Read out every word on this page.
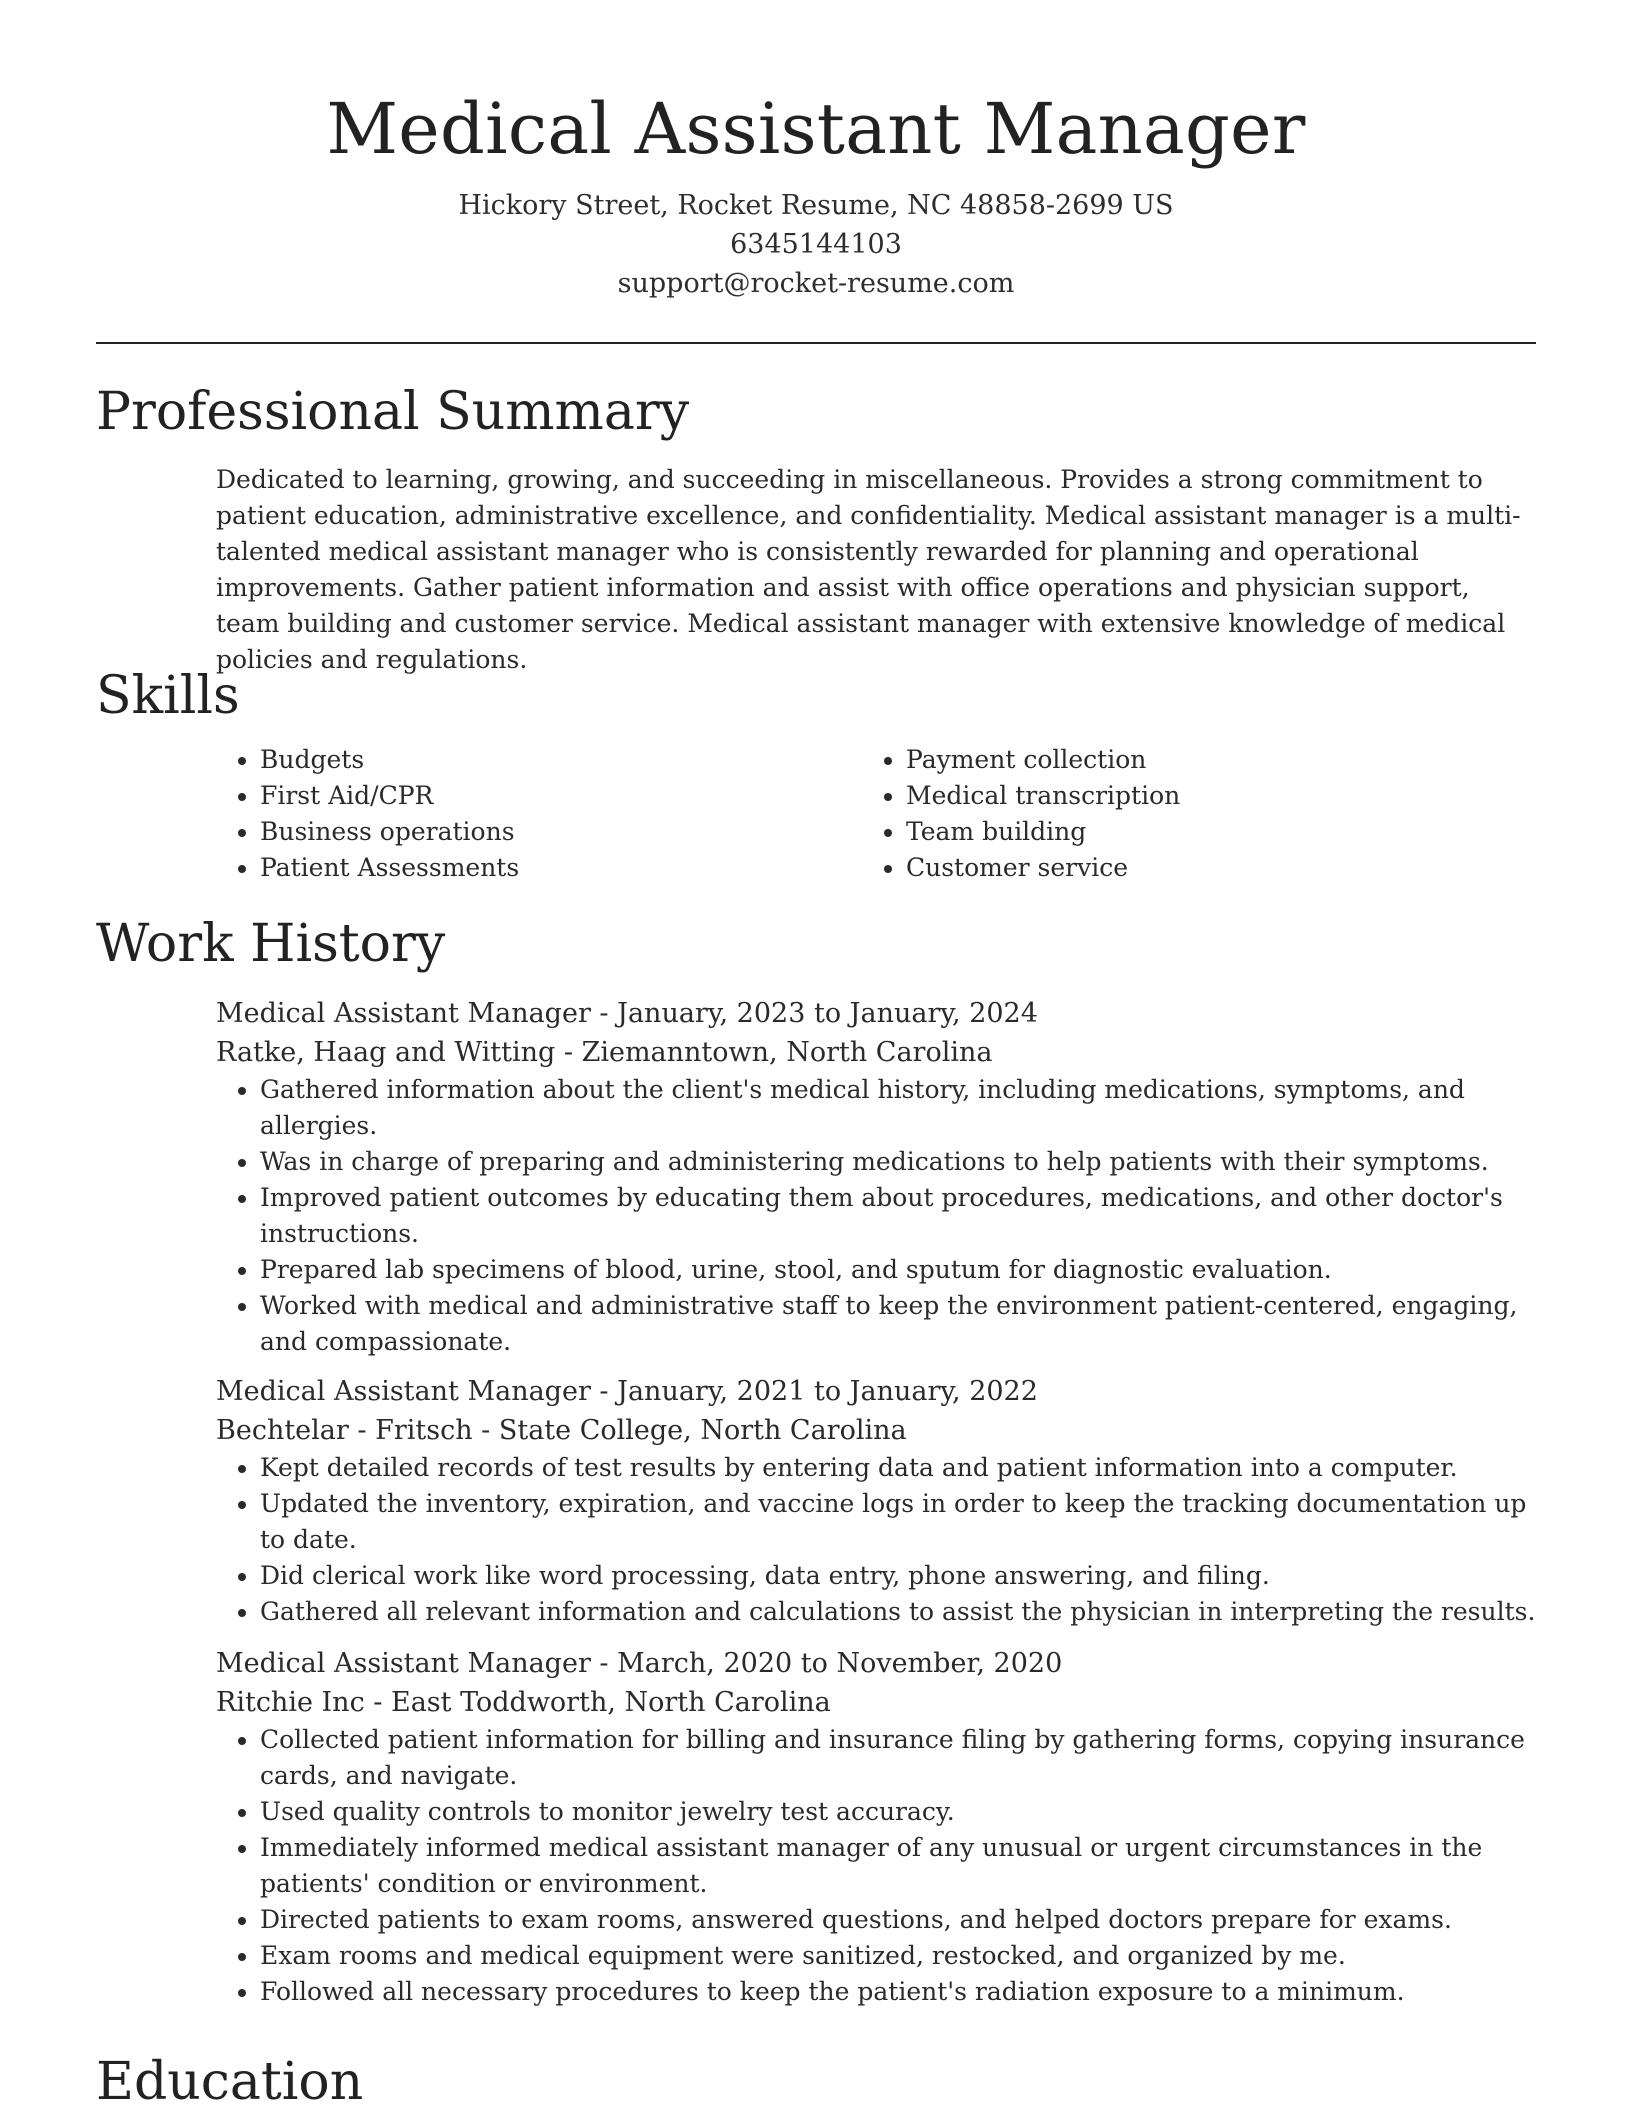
Medical Assistant Manager

Hickory Street, Rocket Resume, NC 48858-2699 US

6345144103

support@rocket-resume.com

Professional Summary

Dedicated to learning, growing, and succeeding in miscellaneous. Provides a strong commitment to patient education, administrative excellence, and confidentiality. Medical assistant manager is a multi-talented medical assistant manager who is consistently rewarded for planning and operational improvements. Gather patient information and assist with office operations and physician support, team building and customer service. Medical assistant manager with extensive knowledge of medical policies and regulations.

Skills
• Budgets
• First Aid/CPR
• Business operations
• Patient Assessments
• Payment collection
• Medical transcription
• Team building
• Customer service
Work History

Medical Assistant Manager - January, 2023 to January, 2024

Ratke, Haag and Witting - Ziemanntown, North Carolina

• Gathered information about the client's medical history, including medications, symptoms, and allergies.
• Was in charge of preparing and administering medications to help patients with their symptoms.
• Improved patient outcomes by educating them about procedures, medications, and other doctor's instructions.
• Prepared lab specimens of blood, urine, stool, and sputum for diagnostic evaluation.
• Worked with medical and administrative staff to keep the environment patient-centered, engaging, and compassionate.

Medical Assistant Manager - January, 2021 to January, 2022

Bechtelar - Fritsch - State College, North Carolina

• Kept detailed records of test results by entering data and patient information into a computer.
• Updated the inventory, expiration, and vaccine logs in order to keep the tracking documentation up to date.
• Did clerical work like word processing, data entry, phone answering, and filing.
• Gathered all relevant information and calculations to assist the physician in interpreting the results.

Medical Assistant Manager - March, 2020 to November, 2020

Ritchie Inc - East Toddworth, North Carolina

• Collected patient information for billing and insurance filing by gathering forms, copying insurance cards, and navigate.
• Used quality controls to monitor jewelry test accuracy.
• Immediately informed medical assistant manager of any unusual or urgent circumstances in the patients' condition or environment.
• Directed patients to exam rooms, answered questions, and helped doctors prepare for exams.
• Exam rooms and medical equipment were sanitized, restocked, and organized by me.
• Followed all necessary procedures to keep the patient's radiation exposure to a minimum.
Education
